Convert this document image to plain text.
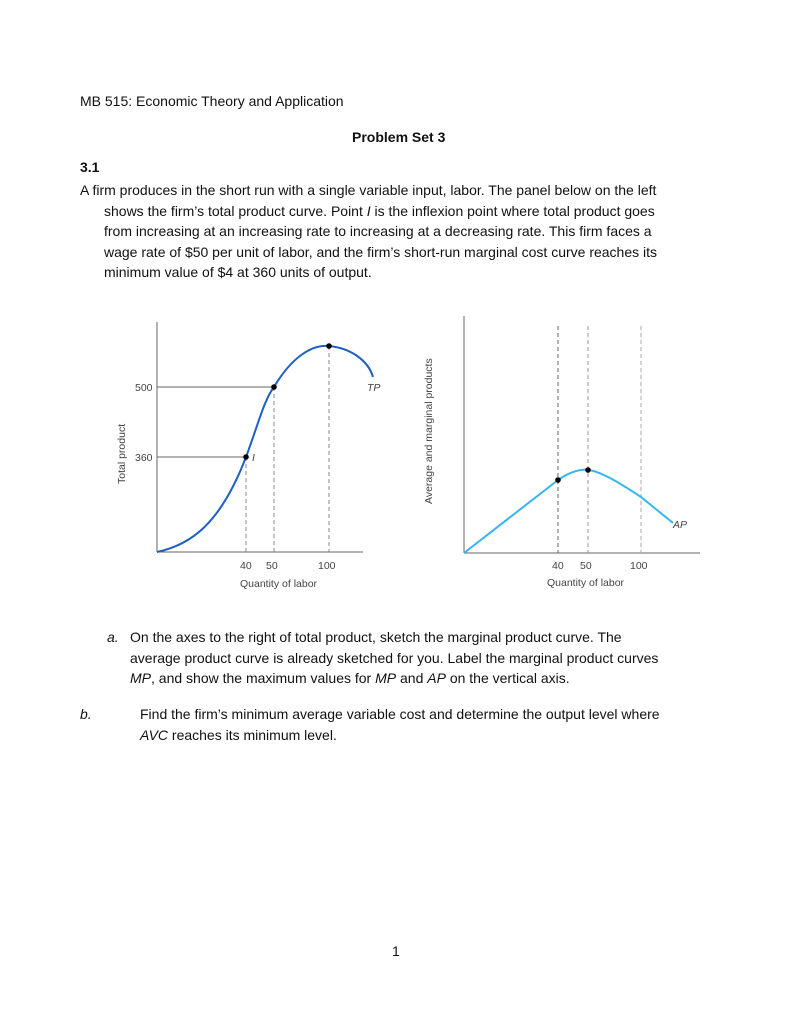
MB 515: Economic Theory and Application
Problem Set 3
3.1
A firm produces in the short run with a single variable input, labor. The panel below on the left
shows the firm’s total product curve. Point I is the inflexion point where total product goes
from increasing at an increasing rate to increasing at a decreasing rate. This firm faces a
wage rate of $50 per unit of labor, and the firm’s short-run marginal cost curve reaches its
minimum value of $4 at 360 units of output.
500
360
40 50	100
Quantity of labor
Total product
TP
I
40 50	100
Quantity of labor
Average and marginal products
AP
a. On the axes to the right of total product, sketch the marginal product curve. The
average product curve is already sketched for you. Label the marginal product curves
MP, and show the maximum values for MP and AP on the vertical axis.
b.	Find the firm’s minimum average variable cost and determine the output level where
AVC reaches its minimum level.
1
